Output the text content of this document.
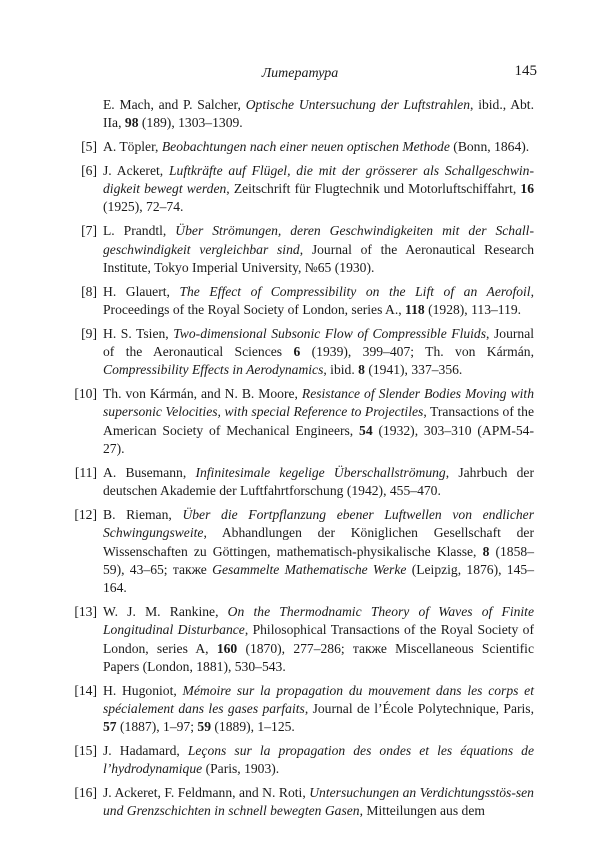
Литература	145

E. Mach, and P. Salcher, Optische Untersuchung der Luftstrahlen, ibid., Abt. IIa, 98 (189), 1303–1309.

[5] A. Töpler, Beobachtungen nach einer neuen optischen Methode (Bonn, 1864).

[6] J. Ackeret, Luftkräfte auf Flügel, die mit der grösserer als Schallgeschwin-digkeit bewegt werden, Zeitschrift für Flugtechnik und Motorluftschiffahrt, 16 (1925), 72–74.

[7] L. Prandtl, Über Strömungen, deren Geschwindigkeiten mit der Schall-geschwindigkeit vergleichbar sind, Journal of the Aeronautical Research Institute, Tokyo Imperial University, №65 (1930).

[8] H. Glauert, The Effect of Compressibility on the Lift of an Aerofoil, Proceedings of the Royal Society of London, series A., 118 (1928), 113–119.

[9] H. S. Tsien, Two-dimensional Subsonic Flow of Compressible Fluids, Journal of the Aeronautical Sciences 6 (1939), 399–407; Th. von Kármán, Compressibility Effects in Aerodynamics, ibid. 8 (1941), 337–356.

[10] Th. von Kármán, and N. B. Moore, Resistance of Slender Bodies Moving with supersonic Velocities, with special Reference to Projectiles, Transactions of the American Society of Mechanical Engineers, 54 (1932), 303–310 (APM-54-27).

[11] A. Busemann, Infinitesimale kegelige Überschallströmung, Jahrbuch der deutschen Akademie der Luftfahrtforschung (1942), 455–470.

[12] B. Rieman, Über die Fortpflanzung ebener Luftwellen von endlicher Schwingungsweite, Abhandlungen der Königlichen Gesellschaft der Wissenschaften zu Göttingen, mathematisch-physikalische Klasse, 8 (1858–59), 43–65; также Gesammelte Mathematische Werke (Leipzig, 1876), 145–164.

[13] W. J. M. Rankine, On the Thermodnamic Theory of Waves of Finite Longitudinal Disturbance, Philosophical Transactions of the Royal Society of London, series A, 160 (1870), 277–286; также Miscellaneous Scientific Papers (London, 1881), 530–543.

[14] H. Hugoniot, Mémoire sur la propagation du mouvement dans les corps et spécialement dans les gases parfaits, Journal de l’École Polytechnique, Paris, 57 (1887), 1–97; 59 (1889), 1–125.

[15] J. Hadamard, Leçons sur la propagation des ondes et les équations de l’hydrodynamique (Paris, 1903).

[16] J. Ackeret, F. Feldmann, and N. Roti, Untersuchungen an Verdichtungsstös-sen und Grenzschichten in schnell bewegten Gasen, Mitteilungen aus dem
